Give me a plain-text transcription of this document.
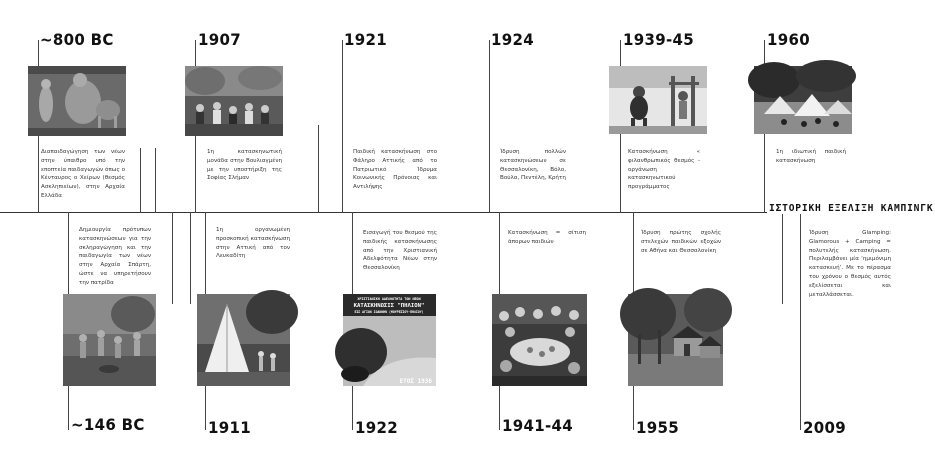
~800 BC	1907	1921	1924	1939-45	1960
~146 BC	1911	1922	1941-44	1955	2009
ΧΡΙΣΤΙΑΝΙΚΗ ΑΔΕΛΦΟΤΗΤΑ ΤΩΝ ΝΕΩΝ
ΚΑΤΑΣΚΗΝΩΣΙΣ "ΠΗΛΙΟΝ"
ΕΙΣ ΑΓΙΟΝ ΙΩΑΝΝΗΝ (ΜΟΥΡΕΣΙΟΥ-ΠΗΛΙΟΥ)
ΕΤΟΣ 1936
Διαπαιδαγώγηση των νέων στην ύπαιθρο υπό την εποπτεία παιδαγωγών όπως ο Κένταυρος ο Χείρων (θεσμός Ασκληπιείων), στην Αρχαία Ελλάδα
1η κατασκηνωτική μονάδα στην Βουλιαγμένη με την υποστήριξη της Σοφίας Σλήμαν
Παιδική κατασκήνωση στο Φάληρο Αττικής από το Πατριωτικό Ίδρυμα Κοινωνικής Πρόνοιας και Αντιλήψης
Ίδρυση πολλών κατασκηνώσεων σε Θεσσαλονίκη, Βόλο, Βούλα, Πεντέλη, Κρήτη
Κατασκήνωση « φιλανθρωπικός θεσμός - οργάνωση κατασκηνωτικού προγράμματος
1η ιδιωτική παιδική κατασκήνωση
Δημιουργία πρότυπων κατασκηνώσεων για την σκληραγώγηση και την παιδαγωγία των νέων στην Αρχαία Σπάρτη, ώστε να υπηρετήσουν την πατρίδα
1η οργανωμένη προσκοπική κατασκήνωση στην Αττική από τον Λευκαδίτη
Εισαγωγή του θεσμού της παιδικής κατασκήνωσης από την Χριστιανική Αδελφότητα Νέων στην Θεσσαλονίκη
Κατασκήνωση = σίτιση άπορων παιδιών
Ίδρυση πρώτης σχολής στελεχών παιδικών εξοχών σε Αθήνα και Θεσσαλονίκη
Ίδρυση Glamping: Glamorous + Camping = πολυτελής κατασκήνωση. Περιλαμβάνει μία ‘ημιμόνιμη κατασκευή’. Με το πέρασμα του χρόνου ο θεσμός αυτός εξελίσσεται και μεταλλάσσεται.
ΙΣΤΟΡΙΚΗ ΕΞΕΛΙΞΗ ΚΑΜΠΙΝΓΚ
